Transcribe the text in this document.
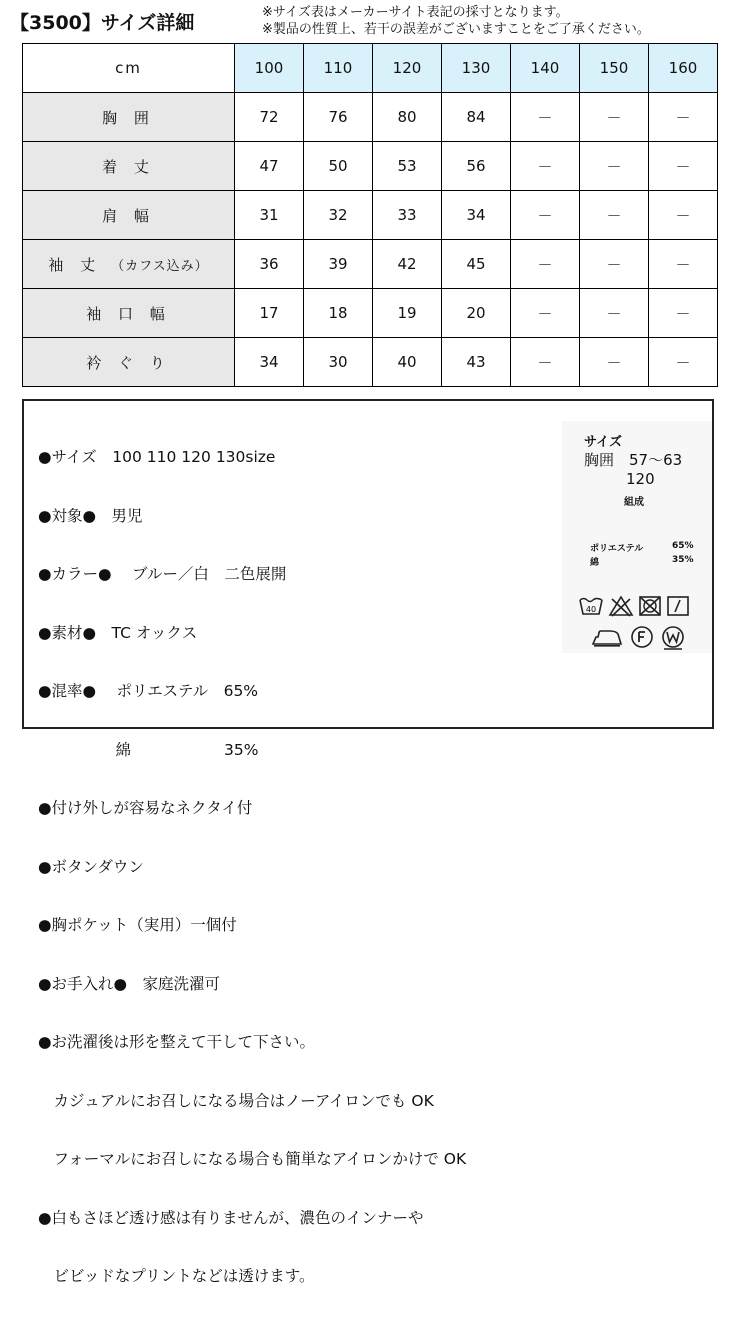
【3500】サイズ詳細	※サイズ表はメーカーサイト表記の採寸となります。
※製品の性質上、若干の誤差がございますことをご了承ください。
cm	100	110	120	130	140	150	160
胸 囲	72	76	80	84	－	－	－
着 丈	47	50	53	56	－	－	－
肩 幅	31	32	33	34	－	－	－
袖 丈 （カフス込み）	36	39	42	45	－	－	－
袖 口 幅	17	18	19	20	－	－	－
衿 ぐ り	34	30	40	43	－	－	－

●サイズ　100 110 120 130size

●対象●　男児

●カラー●　 ブルー／白　二色展開

●素材●　TC オックス

●混率●　 ポリエステル　65%

　　　　　綿　　　　　　35%

●付け外しが容易なネクタイ付

●ボタンダウン

●胸ポケット（実用）一個付

●お手入れ●　家庭洗濯可

●お洗濯後は形を整えて干して下さい。

　カジュアルにお召しになる場合はノーアイロンでも OK

　フォーマルにお召しになる場合も簡単なアイロンかけで OK

●白もさほど透け感は有りませんが、濃色のインナーや

　ビビッドなプリントなどは透けます。

サイズ
胸囲　57～63
120
組成
ポリエステル	65%
綿	35%
40
